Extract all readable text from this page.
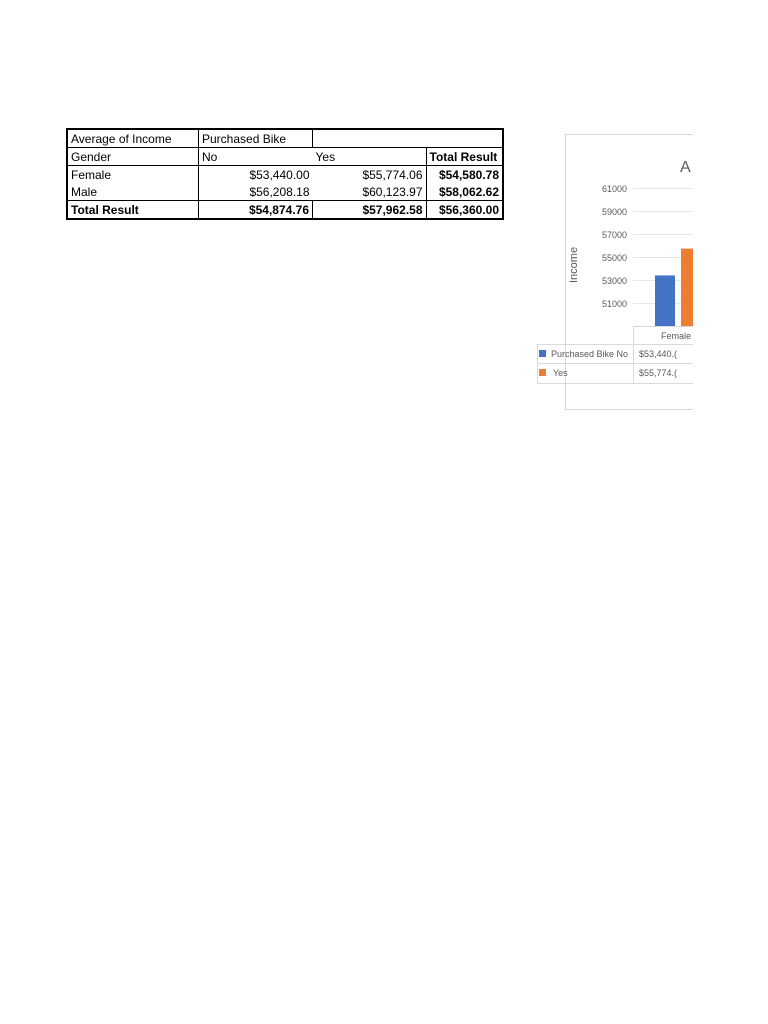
Average of Income	Purchased Bike		
Gender	No	Yes	Total Result
Female	$53,440.00	$55,774.06	$54,580.78
Male	$56,208.18	$60,123.97	$58,062.62
Total Result	$54,874.76	$57,962.58	$56,360.00
A
Income
51000
53000
55000
57000
59000
61000
Female
Purchased Bike No $53,440.(
Yes	$55,774.(
